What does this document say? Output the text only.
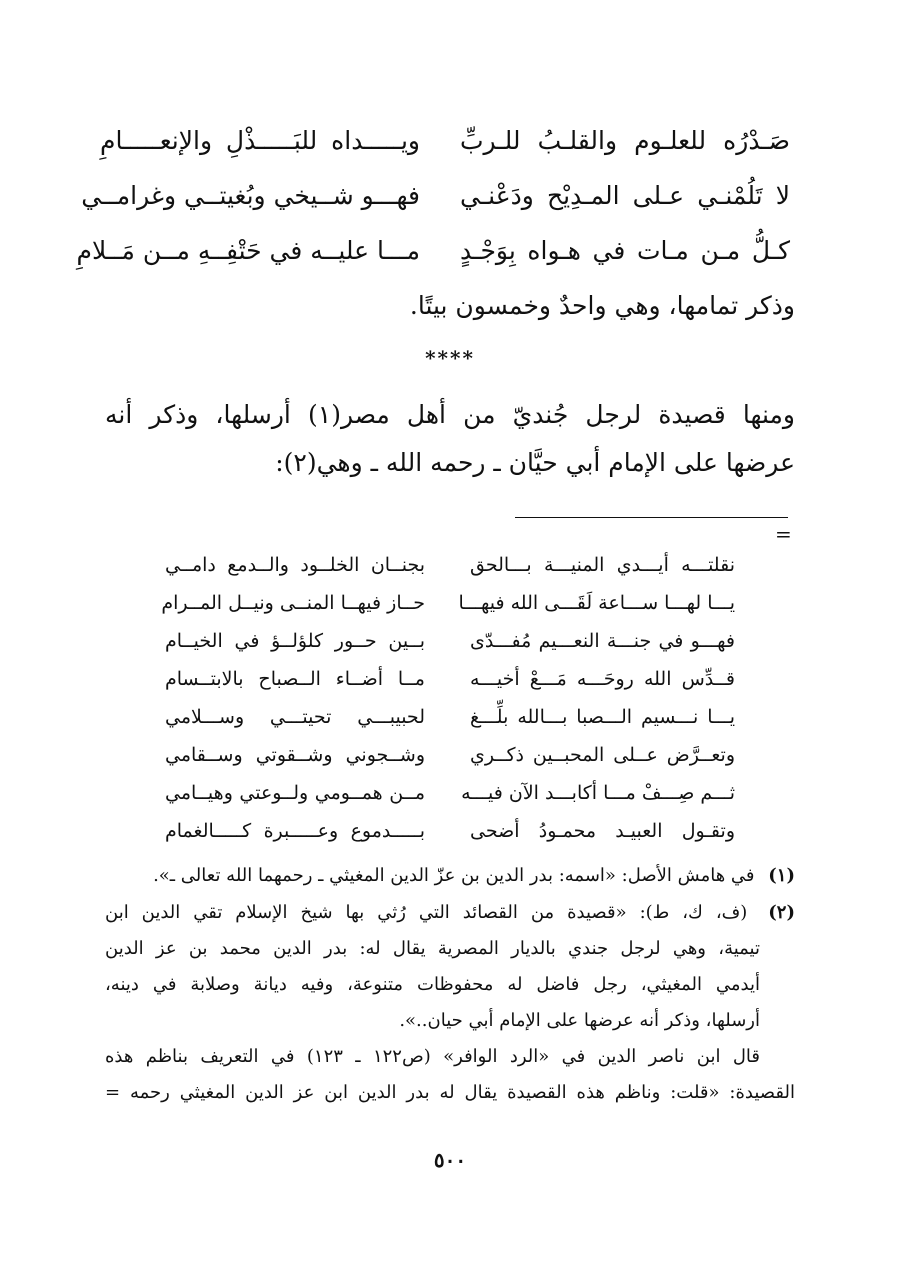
صَـدْرُه للعلـوم والقلـبُ للـربِّ
ويـــــداه للبَـــــذْلِ والإنعـــــامِ
لا تَلُمْنـي عـلى المـدِيْح ودَعْنـي
فهـــو شــيخي وبُغيتــي وغرامــي
كـلُّ مـن مـات في هـواه بِوَجْـدٍ
مـــا عليــه في حَتْفِــهِ مــن مَــلامِ
وذكر تمامها، وهي واحدٌ وخمسون بيتًا.
****
ومنها قصيدة لرجل جُنديّ من أهل مصر(١) أرسلها، وذكر أنه
عرضها على الإمام أبي حيَّان ـ رحمه الله ـ وهي(٢):
=
نقلتـــه أيـــدي المنيـــة بـــالحق
بجنــان الخلــود والــدمع دامــي
يـــا لهـــا ســـاعة لَقَـــى الله فيهـــا
حــاز فيهــا المنــى ونيــل المــرام
فهـــو في جنـــة النعـــيم مُفـــدّى
بــين حــور كلؤلــؤ في الخيــام
قــدِّس الله روحَـــه مَـــعْ أخيـــه
مــا أضــاء الــصباح بالابتــسام
يـــا نـــسيم الـــصبا بـــالله بلِّـــغ
لحبيبـــي تحيتـــي وســـلامي
وتعــرَّض عــلى المحبــين ذكــري
وشــجوني وشــقوتي وســقامي
ثـــم صِـــفْ مـــا أكابـــد الآن فيـــه
مــن همــومي ولــوعتي وهيــامي
وتقـول العبيـد محمـودُ أضحى
بـــــدموع وعـــــبرة كـــــالغمام
(١) في هامش الأصل: «اسمه: بدر الدين بن عزّ الدين المغيثي ـ رحمهما الله تعالى ـ».
(٢) (ف، ك، ط): «قصيدة من القصائد التي رُثي بها شيخ الإسلام تقي الدين ابن
تيمية، وهي لرجل جندي بالديار المصرية يقال له: بدر الدين محمد بن عز الدين
أيدمي المغيثي، رجل فاضل له محفوظات متنوعة، وفيه ديانة وصلابة في دينه،
أرسلها، وذكر أنه عرضها على الإمام أبي حيان..».
قال ابن ناصر الدين في «الرد الوافر» (ص١٢٢ ـ ١٢٣) في التعريف بناظم هذه
القصيدة: «قلت: وناظم هذه القصيدة يقال له بدر الدين ابن عز الدين المغيثي رحمه =
٥٠٠
